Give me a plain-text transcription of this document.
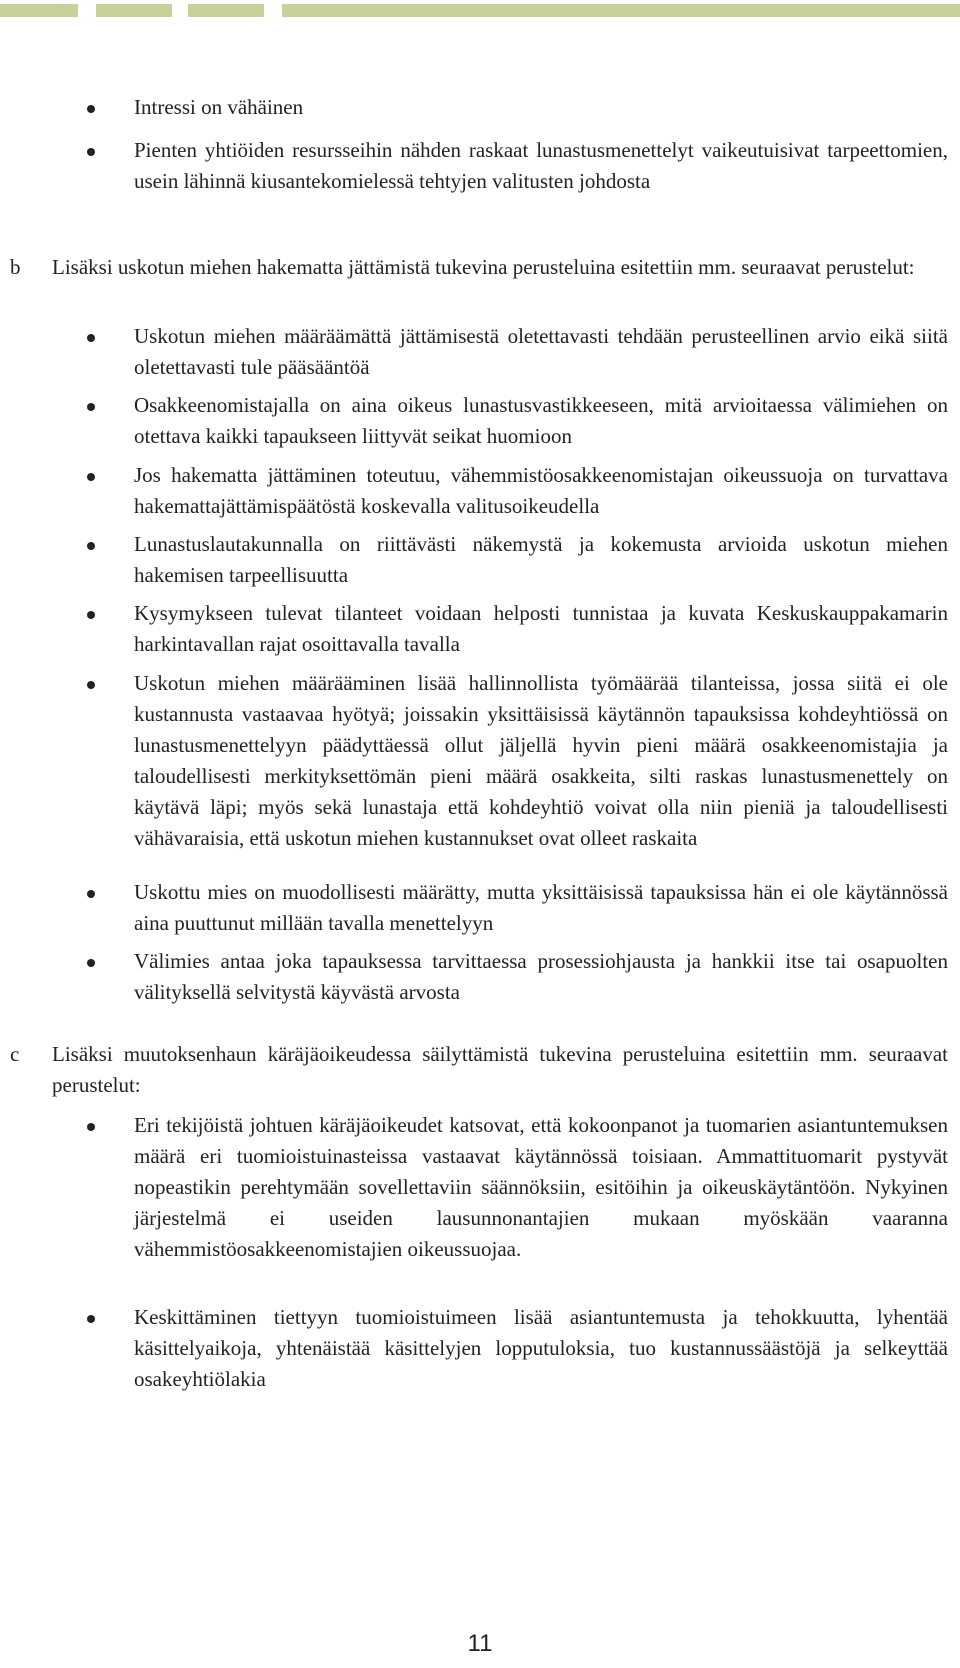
Intressi on vähäinen
Pienten yhtiöiden resursseihin nähden raskaat lunastusmenettelyt vaikeutuisivat tarpeettomien, usein lähinnä kiusantekomielessä tehtyjen valitusten johdosta
b Lisäksi uskotun miehen hakematta jättämistä tukevina perusteluina esitettiin mm. seuraavat perustelut:
Uskotun miehen määräämättä jättämisestä oletettavasti tehdään perusteellinen arvio eikä siitä oletettavasti tule pääsääntöä
Osakkeenomistajalla on aina oikeus lunastusvastikkeeseen, mitä arvioitaessa välimiehen on otettava kaikki tapaukseen liittyvät seikat huomioon
Jos hakematta jättäminen toteutuu, vähemmistöosakkeenomistajan oikeussuoja on turvattava hakemattajättämispäätöstä koskevalla valitusoikeudella
Lunastuslautakunnalla on riittävästi näkemystä ja kokemusta arvioida uskotun miehen hakemisen tarpeellisuutta
Kysymykseen tulevat tilanteet voidaan helposti tunnistaa ja kuvata Keskuskauppakamarin harkintavallan rajat osoittavalla tavalla
Uskotun miehen määrääminen lisää hallinnollista työmäärää tilanteissa, jossa siitä ei ole kustannusta vastaavaa hyötyä; joissakin yksittäisissä käytännön tapauksissa kohdeyhtiössä on lunastusmenettelyyn päädyttäessä ollut jäljellä hyvin pieni määrä osakkeenomistajia ja taloudellisesti merkityksettömän pieni määrä osakkeita, silti raskas lunastusmenettely on käytävä läpi; myös sekä lunastaja että kohdeyhtiö voivat olla niin pieniä ja taloudellisesti vähävaraisia, että uskotun miehen kustannukset ovat olleet raskaita
Uskottu mies on muodollisesti määrätty, mutta yksittäisissä tapauksissa hän ei ole käytännössä aina puuttunut millään tavalla menettelyyn
Välimies antaa joka tapauksessa tarvittaessa prosessiohjausta ja hankkii itse tai osapuolten välityksellä selvitystä käyvästä arvosta
c Lisäksi muutoksenhaun käräjäoikeudessa säilyttämistä tukevina perusteluina esitettiin mm. seuraavat perustelut:
Eri tekijöistä johtuen käräjäoikeudet katsovat, että kokoonpanot ja tuomarien asiantuntemuksen määrä eri tuomioistuinasteissa vastaavat käytännössä toisiaan. Ammattituomarit pystyvät nopeastikin perehtymään sovellettaviin säännöksiin, esitöihin ja oikeuskäytäntöön. Nykyinen järjestelmä ei useiden lausunnonantajien mukaan myöskään vaaranna vähemmistöosakkeenomistajien oikeussuojaa.
Keskittäminen tiettyyn tuomioistuimeen lisää asiantuntemusta ja tehokkuutta, lyhentää käsittelyaikoja, yhtenäistää käsittelyjen lopputuloksia, tuo kustannussäästöjä ja selkeyttää osakeyhtiölakia
11
